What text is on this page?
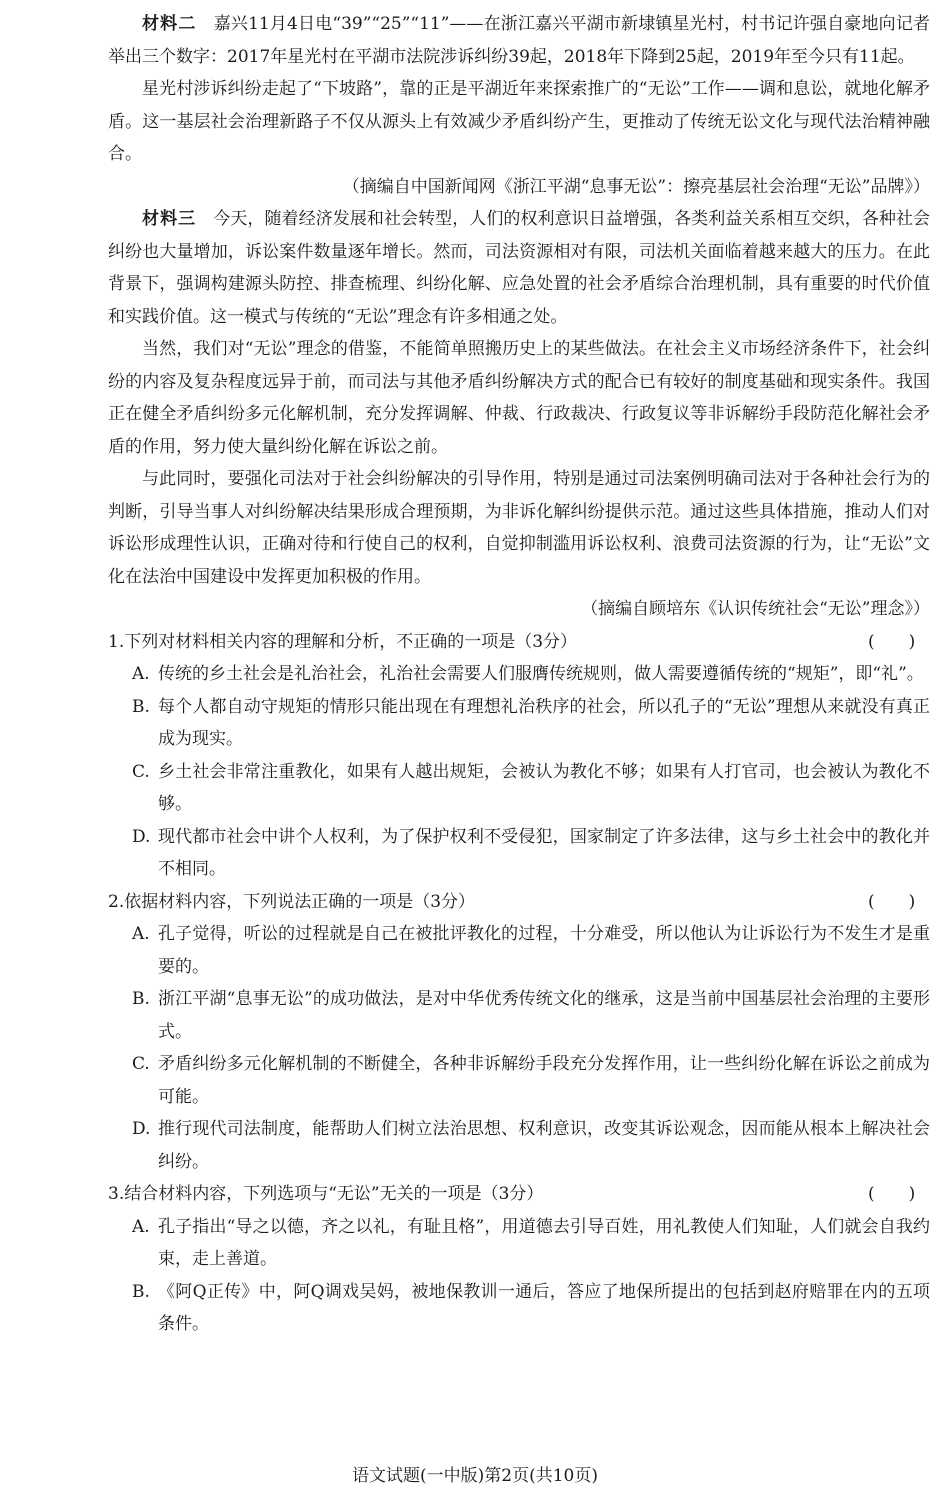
材料二　 嘉兴11月4日电“39”“25”“11”——在浙江嘉兴平湖市新埭镇星光村，村书记许强自豪地向记者举出三个数字：2017年星光村在平湖市法院涉诉纠纷39起，2018年下降到25起，2019年至今只有11起。

星光村涉诉纠纷走起了“下坡路”，靠的正是平湖近年来探索推广的“无讼”工作——调和息讼，就地化解矛盾。这一基层社会治理新路子不仅从源头上有效减少矛盾纠纷产生，更推动了传统无讼文化与现代法治精神融合。

（摘编自中国新闻网《浙江平湖“息事无讼”：擦亮基层社会治理“无讼”品牌》）

材料三　 今天，随着经济发展和社会转型，人们的权利意识日益增强，各类利益关系相互交织，各种社会纠纷也大量增加，诉讼案件数量逐年增长。然而，司法资源相对有限，司法机关面临着越来越大的压力。在此背景下，强调构建源头防控、排查梳理、纠纷化解、应急处置的社会矛盾综合治理机制，具有重要的时代价值和实践价值。这一模式与传统的“无讼”理念有许多相通之处。

当然，我们对“无讼”理念的借鉴，不能简单照搬历史上的某些做法。在社会主义市场经济条件下，社会纠纷的内容及复杂程度远异于前，而司法与其他矛盾纠纷解决方式的配合已有较好的制度基础和现实条件。我国正在健全矛盾纠纷多元化解机制，充分发挥调解、仲裁、行政裁决、行政复议等非诉解纷手段防范化解社会矛盾的作用，努力使大量纠纷化解在诉讼之前。

与此同时，要强化司法对于社会纠纷解决的引导作用，特别是通过司法案例明确司法对于各种社会行为的判断，引导当事人对纠纷解决结果形成合理预期，为非诉化解纠纷提供示范。通过这些具体措施，推动人们对诉讼形成理性认识，正确对待和行使自己的权利，自觉抑制滥用诉讼权利、浪费司法资源的行为，让“无讼”文化在法治中国建设中发挥更加积极的作用。

（摘编自顾培东《认识传统社会“无讼”理念》）

1.下列对材料相关内容的理解和分析，不正确的一项是（3分）	(　　)
A. 传统的乡土社会是礼治社会，礼治社会需要人们服膺传统规则，做人需要遵循传统的“规矩”，即“礼”。
B. 每个人都自动守规矩的情形只能出现在有理想礼治秩序的社会，所以孔子的“无讼”理想从来就没有真正成为现实。
C. 乡土社会非常注重教化，如果有人越出规矩，会被认为教化不够；如果有人打官司，也会被认为教化不够。
D. 现代都市社会中讲个人权利，为了保护权利不受侵犯，国家制定了许多法律，这与乡土社会中的教化并不相同。
2.依据材料内容，下列说法正确的一项是（3分）	(　　)
A. 孔子觉得，听讼的过程就是自己在被批评教化的过程，十分难受，所以他认为让诉讼行为不发生才是重要的。
B. 浙江平湖“息事无讼”的成功做法，是对中华优秀传统文化的继承，这是当前中国基层社会治理的主要形式。
C. 矛盾纠纷多元化解机制的不断健全，各种非诉解纷手段充分发挥作用，让一些纠纷化解在诉讼之前成为可能。
D. 推行现代司法制度，能帮助人们树立法治思想、权利意识，改变其诉讼观念，因而能从根本上解决社会纠纷。
3.结合材料内容，下列选项与“无讼”无关的一项是（3分）	(　　)
A. 孔子指出“导之以德，齐之以礼，有耻且格”，用道德去引导百姓，用礼教使人们知耻，人们就会自我约束，走上善道。
B. 《阿Q正传》中，阿Q调戏吴妈，被地保教训一通后，答应了地保所提出的包括到赵府赔罪在内的五项条件。
语文试题(一中版)第2页(共10页)
